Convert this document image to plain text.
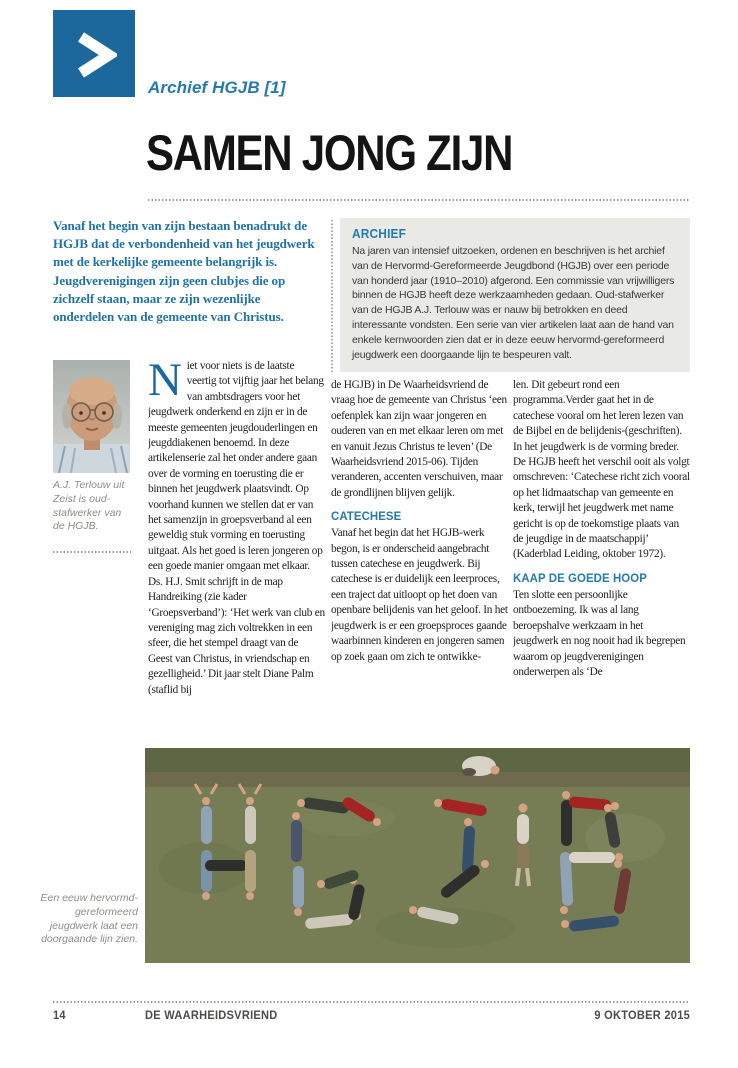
Archief HGJB [1]
SAMEN JONG ZIJN
Vanaf het begin van zijn bestaan benadrukt de HGJB dat de verbondenheid van het jeugdwerk met de kerkelijke gemeente belangrijk is. Jeugdverenigingen zijn geen clubjes die op zichzelf staan, maar ze zijn wezenlijke onderdelen van de gemeente van Christus.
ARCHIEF

Na jaren van intensief uitzoeken, ordenen en beschrijven is het archief van de Hervormd-Gereformeerde Jeugdbond (HGJB) over een periode van honderd jaar (1910–2010) afgerond. Een commissie van vrijwilligers binnen de HGJB heeft deze werkzaamheden gedaan. Oud-stafwerker van de HGJB A.J. Terlouw was er nauw bij betrokken en deed interessante vondsten. Een serie van vier artikelen laat aan de hand van enkele kernwoorden zien dat er in deze eeuw hervormd-gereformeerd jeugdwerk een doorgaande lijn te bespeuren valt.

A.J. Terlouw uit Zeist is oud-stafwerker van de HGJB.

Niet voor niets is de laatste veertig tot vijftig jaar het belang van ambtsdragers voor het jeugdwerk onderkend en zijn er in de meeste gemeenten jeugdouderlingen en jeugddiakenen benoemd. In deze artikelenserie zal het onder andere gaan over de vorming en toerusting die er binnen het jeugdwerk plaatsvindt. Op voorhand kunnen we stellen dat er van het samenzijn in groepsverband al een geweldig stuk vorming en toerusting uitgaat. Als het goed is leren jongeren op een goede manier omgaan met elkaar.

Ds. H.J. Smit schrijft in de map Handreiking (zie kader ‘Groepsverband’): ‘Het werk van club en vereniging mag zich voltrekken in een sfeer, die het stempel draagt van de Geest van Christus, in vriendschap en gezelligheid.’ Dit jaar stelt Diane Palm (staflid bij

de HGJB) in De Waarheidsvriend de vraag hoe de gemeente van Christus ‘een oefenplek kan zijn waar jongeren en ouderen van en met elkaar leren om met en vanuit Jezus Christus te leven’ (De Waarheidsvriend 2015-06). Tijden veranderen, accenten verschuiven, maar de grondlijnen blijven gelijk.

CATECHESE

Vanaf het begin dat het HGJB-werk begon, is er onderscheid aangebracht tussen catechese en jeugdwerk. Bij catechese is er duidelijk een leerproces, een traject dat uitloopt op het doen van openbare belijdenis van het geloof. In het jeugdwerk is er een groepsproces gaande waarbinnen kinderen en jongeren samen op zoek gaan om zich te ontwikke-

len. Dit gebeurt rond een programma.Verder gaat het in de catechese vooral om het leren lezen van de Bijbel en de belijdenis-(geschriften). In het jeugdwerk is de vorming breder.

De HGJB heeft het verschil ooit als volgt omschreven: ‘Catechese richt zich vooral op het lidmaatschap van gemeente en kerk, terwijl het jeugdwerk met name gericht is op de toekomstige plaats van de jeugdige in de maatschappij’ (Kaderblad Leiding, oktober 1972).

KAAP DE GOEDE HOOP

Ten slotte een persoonlijke ontboezeming. Ik was al lang beroepshalve werkzaam in het jeugdwerk en nog nooit had ik begrepen waarom op jeugdverenigingen onderwerpen als ‘De

Een eeuw hervormd-gereformeerd jeugdwerk laat een doorgaande lijn zien.
14	DE WAARHEIDSVRIEND	9 OKTOBER 2015
